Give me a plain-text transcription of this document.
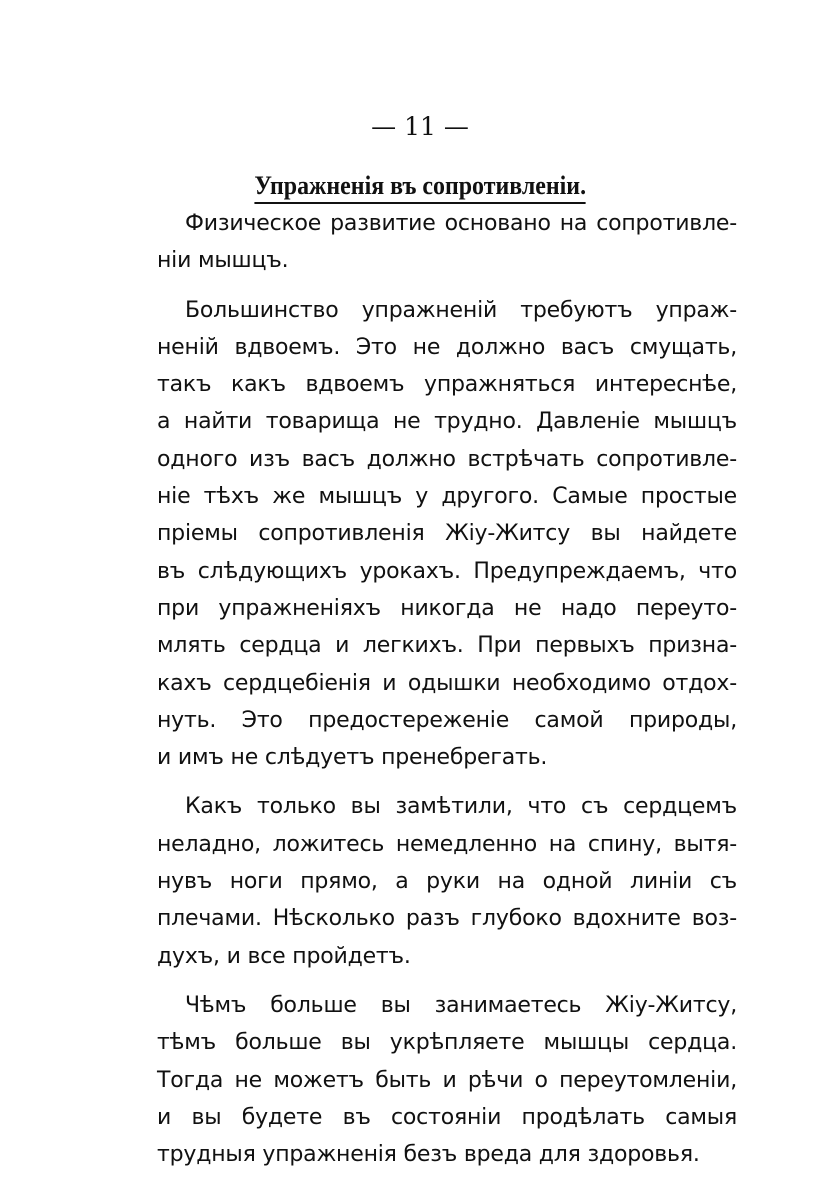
— 11 —
Упражненія въ сопротивленіи.
Физическое развитие основано на сопротивле-
ніи мышцъ.
Большинство упражненій требуютъ упраж-
неній вдвоемъ. Это не должно васъ смущать,
такъ какъ вдвоемъ упражняться интереснѣе,
а найти товарища не трудно. Давленіе мышцъ
одного изъ васъ должно встрѣчать сопротивле-
ніе тѣхъ же мышцъ у другого. Самые простые
пріемы сопротивленія Жіу-Житсу вы найдете
въ слѣдующихъ урокахъ. Предупреждаемъ, что
при упражненіяхъ никогда не надо переуто-
млять сердца и легкихъ. При первыхъ призна-
кахъ сердцебіенія и одышки необходимо отдох-
нуть. Это предостереженіе самой природы,
и имъ не слѣдуетъ пренебрегать.
Какъ только вы замѣтили, что съ сердцемъ
неладно, ложитесь немедленно на спину, вытя-
нувъ ноги прямо, а руки на одной линіи съ
плечами. Нѣсколько разъ глубоко вдохните воз-
духъ, и все пройдетъ.
Чѣмъ больше вы занимаетесь Жіу-Житсу,
тѣмъ больше вы укрѣпляете мышцы сердца.
Тогда не можетъ быть и рѣчи о переутомленіи,
и вы будете въ состояніи продѣлать самыя
трудныя упражненія безъ вреда для здоровья.
